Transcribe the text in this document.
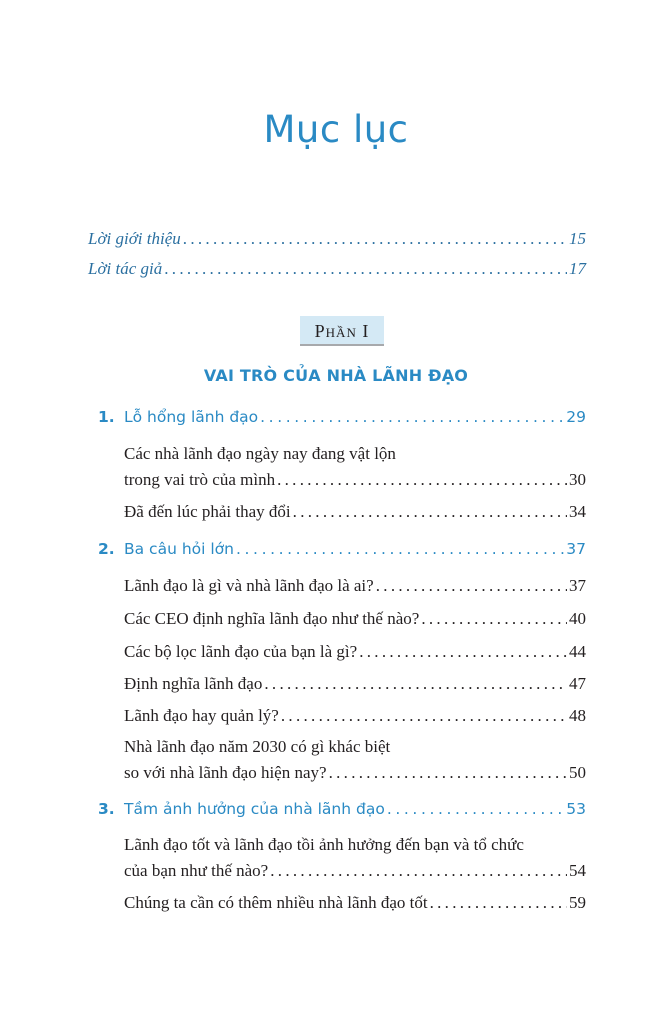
Mục lục
Lời giới thiệu .....	15
Lời tác giả .....	17
PHẦN I
VAI TRÒ CỦA NHÀ LÃNH ĐẠO
1. Lỗ hổng lãnh đạo .....	29
Các nhà lãnh đạo ngày nay đang vật lộn
trong vai trò của mình .....	30
Đã đến lúc phải thay đổi .....	34
2. Ba câu hỏi lớn .....	37
Lãnh đạo là gì và nhà lãnh đạo là ai? .....	37
Các CEO định nghĩa lãnh đạo như thế nào? .....	40
Các bộ lọc lãnh đạo của bạn là gì? .....	44
Định nghĩa lãnh đạo .....	47
Lãnh đạo hay quản lý? .....	48
Nhà lãnh đạo năm 2030 có gì khác biệt
so với nhà lãnh đạo hiện nay? .....	50
3. Tầm ảnh hưởng của nhà lãnh đạo .....	53
Lãnh đạo tốt và lãnh đạo tồi ảnh hưởng đến bạn và tổ chức
của bạn như thế nào? .....	54
Chúng ta cần có thêm nhiều nhà lãnh đạo tốt .....	59
